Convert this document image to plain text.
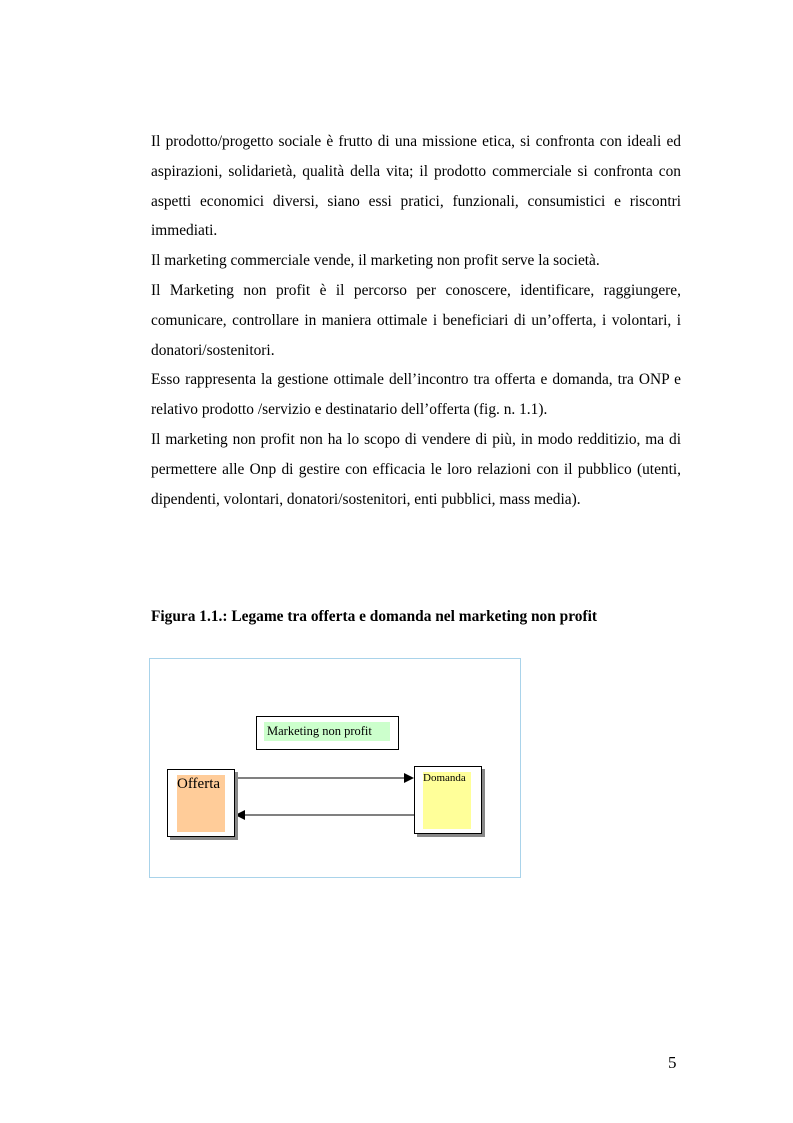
Il prodotto/progetto sociale è frutto di una missione etica, si confronta con ideali ed aspirazioni, solidarietà, qualità della vita; il prodotto commerciale si confronta con aspetti economici diversi, siano essi pratici, funzionali, consumistici e riscontri immediati.

Il marketing commerciale vende, il marketing non profit serve la società.

Il Marketing non profit è il percorso per conoscere, identificare, raggiungere, comunicare, controllare in maniera ottimale i beneficiari di un’offerta, i volontari, i donatori/sostenitori.

Esso rappresenta la gestione ottimale dell’incontro tra offerta e domanda, tra ONP e relativo prodotto /servizio e destinatario dell’offerta (fig. n. 1.1).

Il marketing non profit non ha lo scopo di vendere di più, in modo redditizio, ma di permettere alle Onp di gestire con efficacia le loro relazioni con il pubblico (utenti, dipendenti, volontari, donatori/sostenitori, enti pubblici, mass media).

Figura 1.1.: Legame tra offerta e domanda nel marketing non profit
Marketing non profit
Offerta	Domanda
5
